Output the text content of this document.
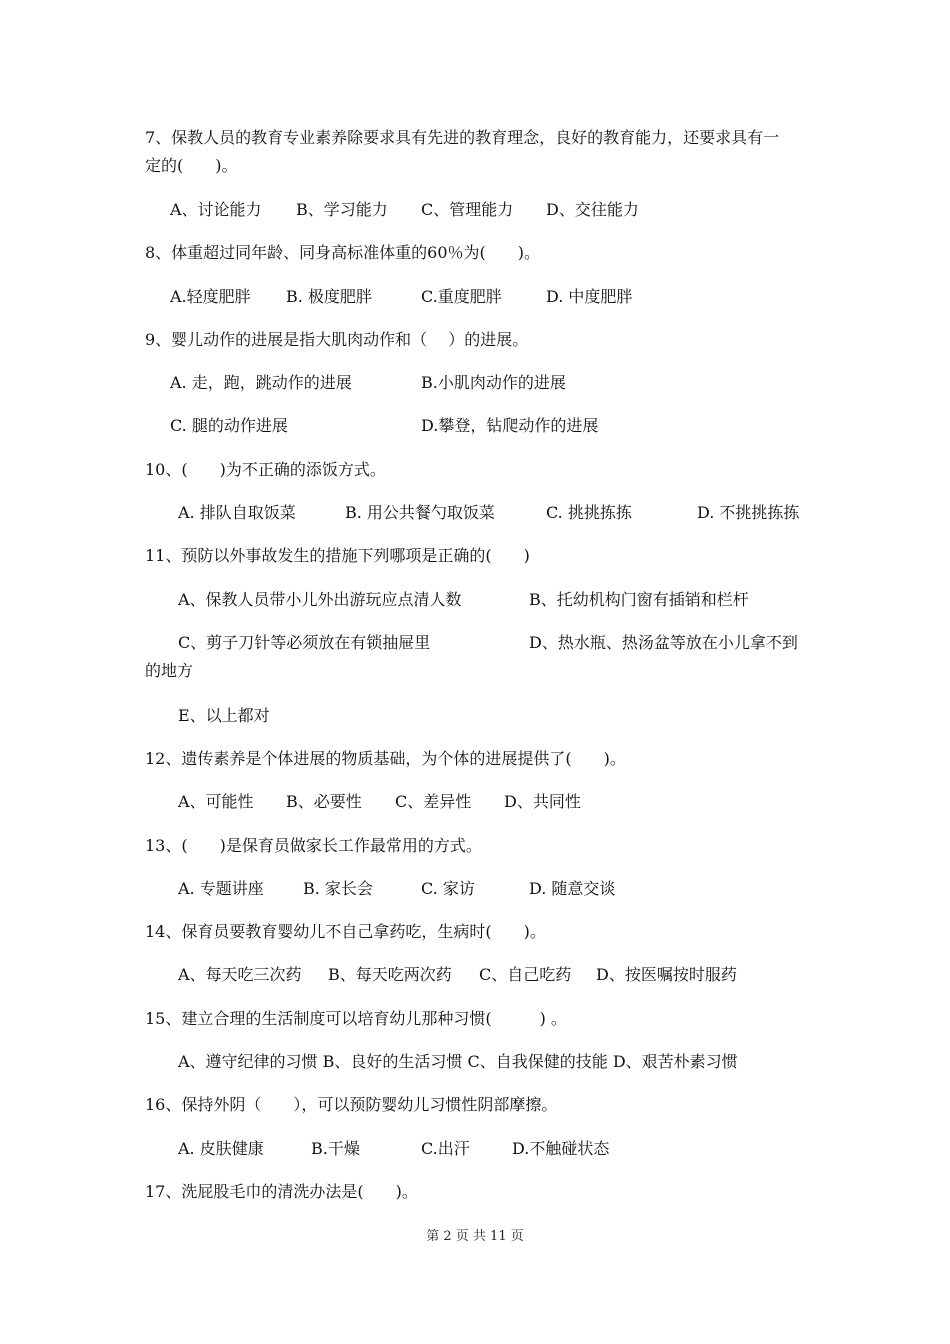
7、保教人员的教育专业素养除要求具有先进的教育理念，良好的教育能力，还要求具有一
定的(　　)。
A、讨论能力 B、学习能力 C、管理能力 D、交往能力
8、体重超过同年龄、同身高标准体重的60％为(　　)。
A.轻度肥胖 B. 极度肥胖	C.重度肥胖	D. 中度肥胖
9、婴儿动作的进展是指大肌肉动作和（　 ）的进展。
A. 走，跑，跳动作的进展	B.小肌肉动作的进展
C. 腿的动作进展	D.攀登，钻爬动作的进展
10、(　　)为不正确的添饭方式。
A. 排队自取饭菜	B. 用公共餐勺取饭菜	C. 挑挑拣拣	D. 不挑挑拣拣
11、预防以外事故发生的措施下列哪项是正确的(　　)
A、保教人员带小儿外出游玩应点清人数	B、托幼机构门窗有插销和栏杆
C、剪子刀针等必须放在有锁抽屉里	D、热水瓶、热汤盆等放在小儿拿不到
的地方
E、以上都对
12、遗传素养是个体进展的物质基础，为个体的进展提供了(　　)。
A、可能性 B、必要性 C、差异性 D、共同性
13、(　　)是保育员做家长工作最常用的方式。
A. 专题讲座 B. 家长会	C. 家访	D. 随意交谈
14、保育员要教育婴幼儿不自己拿药吃，生病时(　　)。
A、每天吃三次药 B、每天吃两次药 C、自己吃药 D、按医嘱按时服药
15、建立合理的生活制度可以培育幼儿那种习惯(　　　) 。
A、遵守纪律的习惯 B、良好的生活习惯 C、自我保健的技能 D、艰苦朴素习惯
16、保持外阴（　　），可以预防婴幼儿习惯性阴部摩擦。
A. 皮肤健康	B.干燥	C.出汗	D.不触碰状态
17、洗屁股毛巾的清洗办法是(　　)。
第 2 页 共 11 页
